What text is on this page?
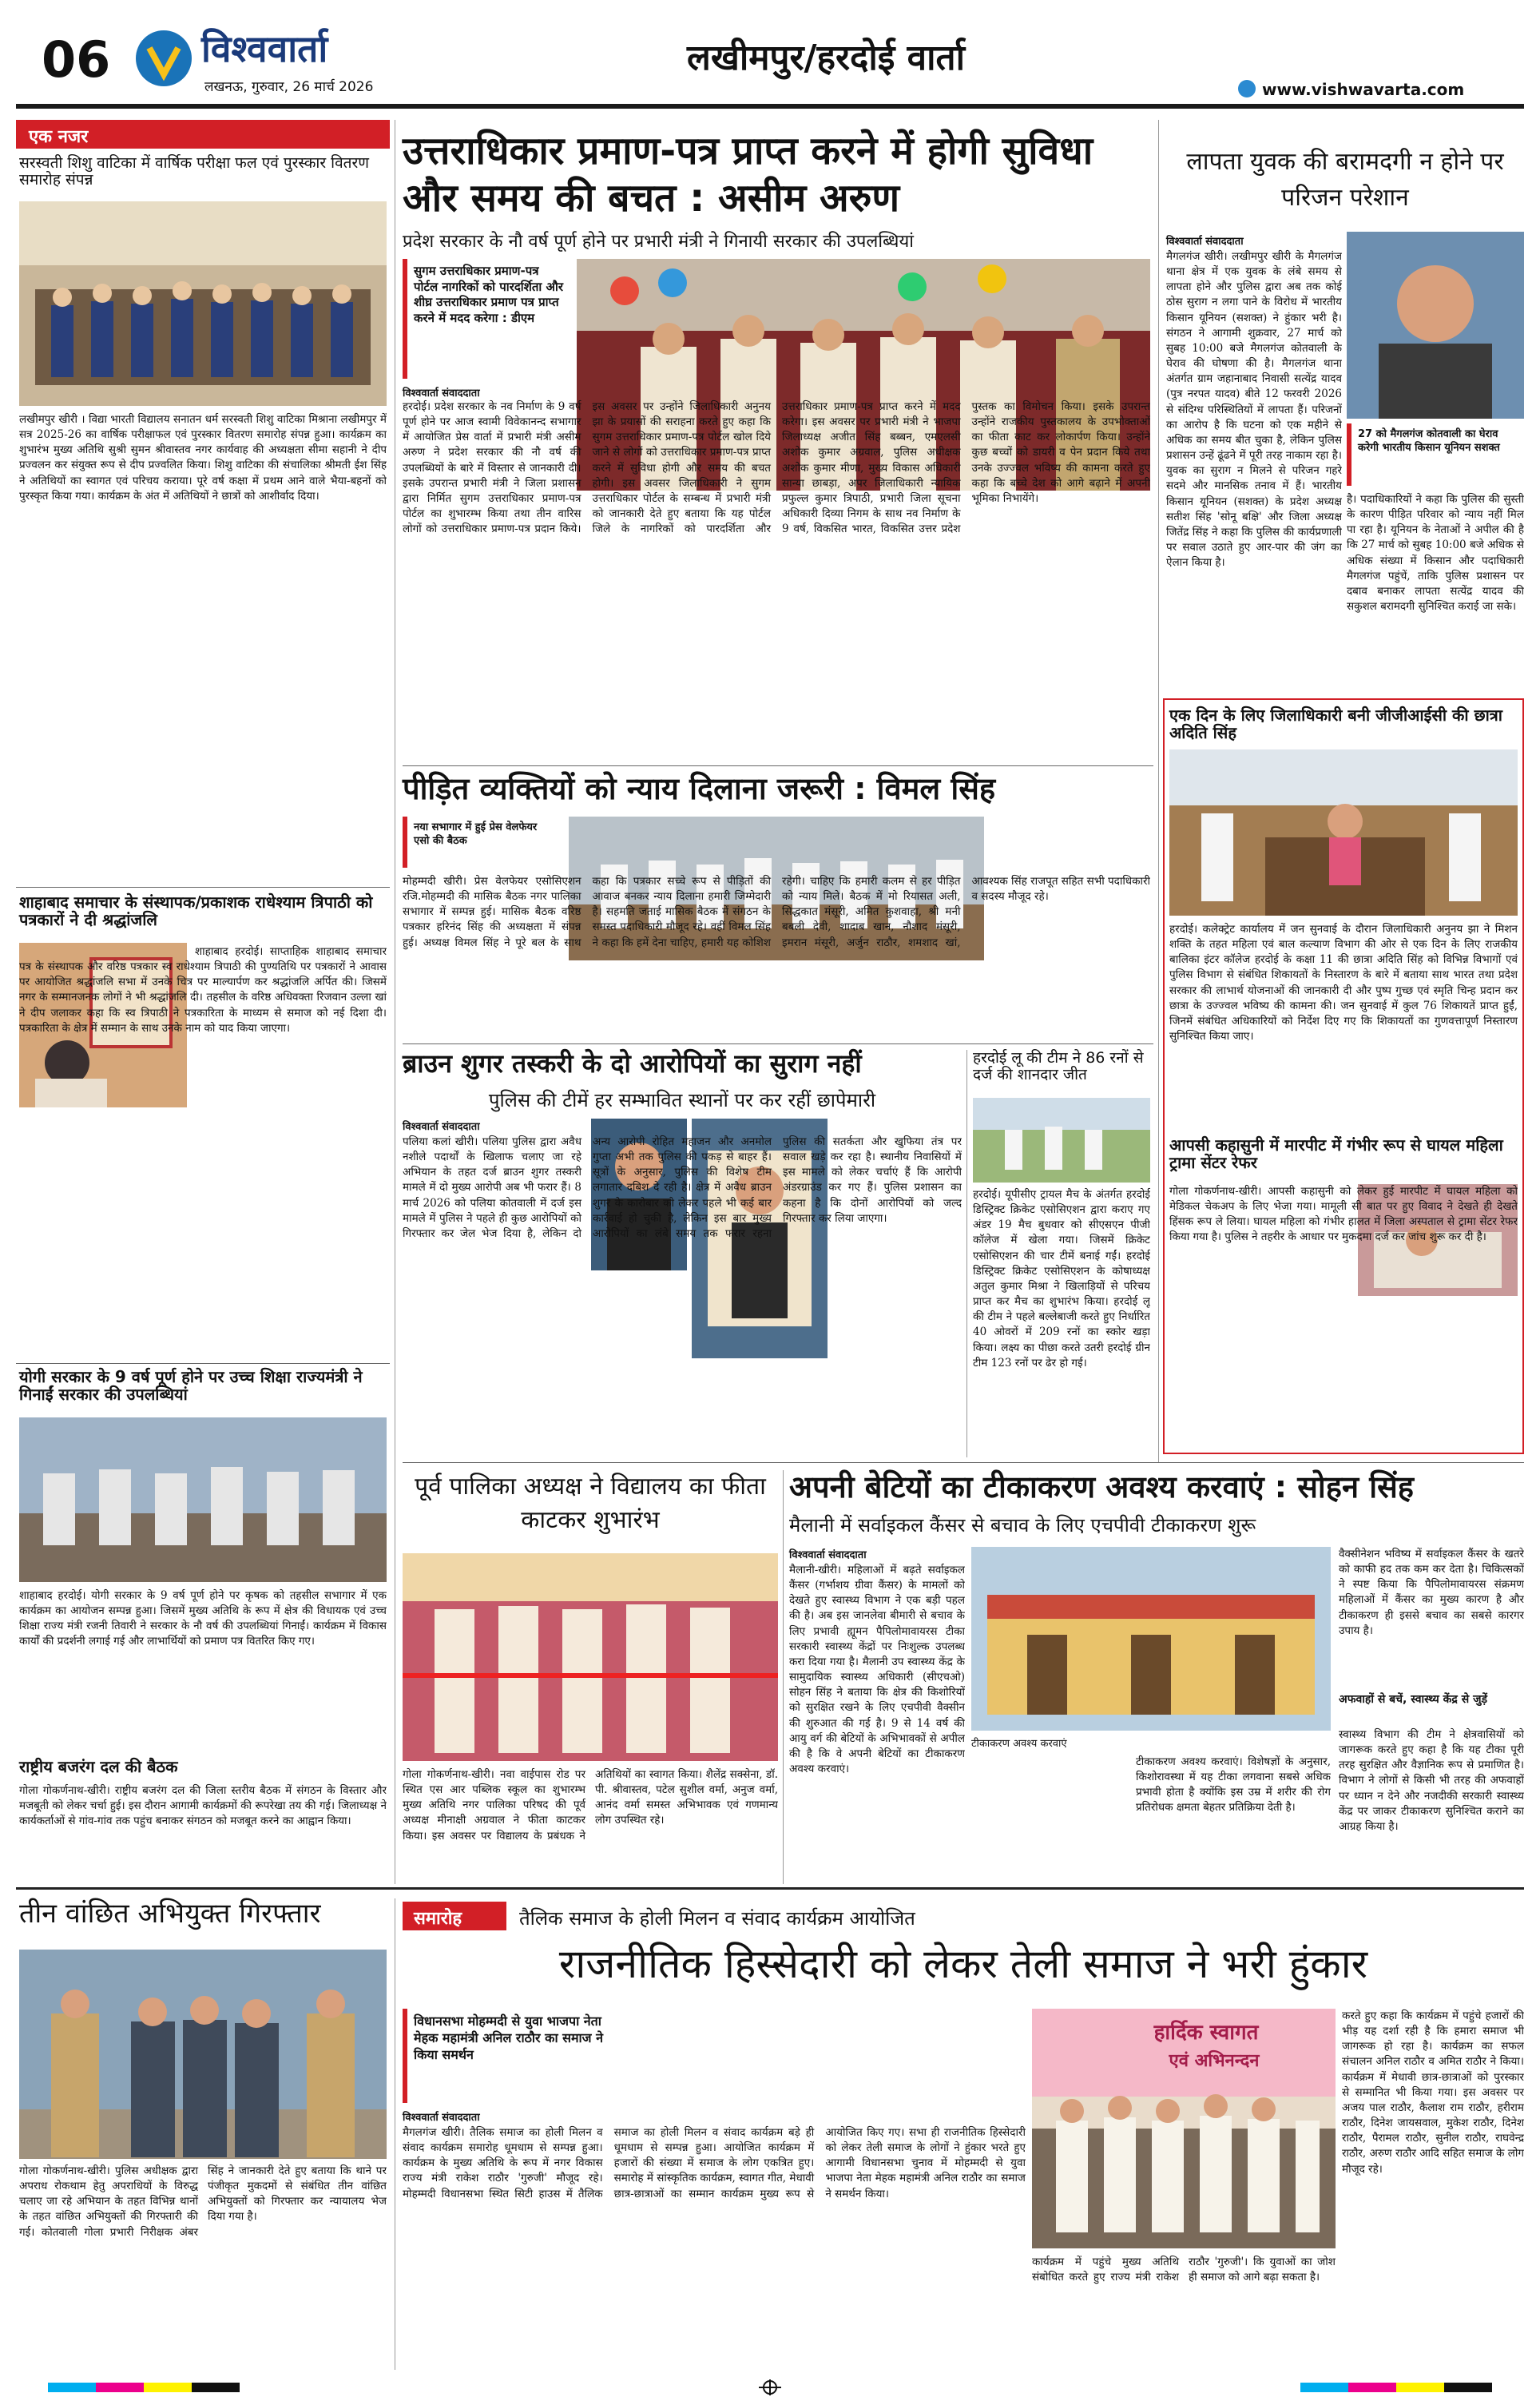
06 विश्ववार्ता
लखनऊ, गुरुवार, 26 मार्च 2026
लखीमपुर/हरदोई वार्ता
www.vishwavarta.com
एक नजर
सरस्वती शिशु वाटिका में वार्षिक परीक्षा फल एवं पुरस्कार वितरण समारोह संपन्न
लखीमपुर खीरी । विद्या भारती विद्यालय सनातन धर्म सरस्वती शिशु वाटिका मिश्राना लखीमपुर में सत्र 2025-26 का वार्षिक परीक्षाफल एवं पुरस्कार वितरण समारोह संपन्न हुआ। कार्यक्रम का शुभारंभ मुख्य अतिथि सुश्री सुमन श्रीवास्तव नगर कार्यवाह की अध्यक्षता सीमा सहानी ने दीप प्रज्वलन कर संयुक्त रूप से दीप प्रज्वलित किया। शिशु वाटिका की संचालिका श्रीमती ईश सिंह ने अतिथियों का स्वागत एवं परिचय कराया। पूरे वर्ष कक्षा में प्रथम आने वाले भैया-बहनों को पुरस्कृत किया गया। कार्यक्रम के अंत में अतिथियों ने छात्रों को आशीर्वाद दिया।
शाहाबाद समाचार के संस्थापक/प्रकाशक राधेश्याम त्रिपाठी को पत्रकारों ने दी श्रद्धांजलि
शाहाबाद हरदोई। साप्ताहिक शाहाबाद समाचार पत्र के संस्थापक और वरिष्ठ पत्रकार स्व राधेश्याम त्रिपाठी की पुण्यतिथि पर पत्रकारों ने आवास पर आयोजित श्रद्धांजलि सभा में उनके चित्र पर माल्यार्पण कर श्रद्धांजलि अर्पित की। जिसमें नगर के सम्मानजनक लोगों ने भी श्रद्धांजलि दी। तहसील के वरिष्ठ अधिवक्ता रिजवान उल्ला खां ने दीप जलाकर कहा कि स्व त्रिपाठी ने पत्रकारिता के माध्यम से समाज को नई दिशा दी। पत्रकारिता के क्षेत्र में सम्मान के साथ उनके नाम को याद किया जाएगा।
योगी सरकार के 9 वर्ष पूर्ण होने पर उच्च शिक्षा राज्यमंत्री ने गिनाईं सरकार की उपलब्धियां
शाहाबाद हरदोई। योगी सरकार के 9 वर्ष पूर्ण होने पर कृषक को तहसील सभागार में एक कार्यक्रम का आयोजन सम्पन्न हुआ। जिसमें मुख्य अतिथि के रूप में क्षेत्र की विधायक एवं उच्च शिक्षा राज्य मंत्री रजनी तिवारी ने सरकार के नौ वर्ष की उपलब्धियां गिनाईं। कार्यक्रम में विकास कार्यों की प्रदर्शनी लगाई गई और लाभार्थियों को प्रमाण पत्र वितरित किए गए।
राष्ट्रीय बजरंग दल की बैठक
गोला गोकर्णनाथ-खीरी। राष्ट्रीय बजरंग दल की जिला स्तरीय बैठक में संगठन के विस्तार और मजबूती को लेकर चर्चा हुई। इस दौरान आगामी कार्यक्रमों की रूपरेखा तय की गई। जिलाध्यक्ष ने कार्यकर्ताओं से गांव-गांव तक पहुंच बनाकर संगठन को मजबूत करने का आह्वान किया।
उत्तराधिकार प्रमाण-पत्र प्राप्त करने में होगी सुविधा और समय की बचत : असीम अरुण
प्रदेश सरकार के नौ वर्ष पूर्ण होने पर प्रभारी मंत्री ने गिनायी सरकार की उपलब्धियां
सुगम उत्तराधिकार प्रमाण-पत्र पोर्टल नागरिकों को पारदर्शिता और शीघ्र उत्तराधिकार प्रमाण पत्र प्राप्त करने में मदद करेगा : डीएम
विश्ववार्ता संवाददाता
हरदोई। प्रदेश सरकार के नव निर्माण के 9 वर्ष पूर्ण होने पर आज स्वामी विवेकानन्द सभागार में आयोजित प्रेस वार्ता में प्रभारी मंत्री असीम अरुण ने प्रदेश सरकार की नौ वर्ष की उपलब्धियों के बारे में विस्तार से जानकारी दी। इसके उपरान्त प्रभारी मंत्री ने जिला प्रशासन द्वारा निर्मित सुगम उत्तराधिकार प्रमाण-पत्र पोर्टल का शुभारम्भ किया तथा तीन वारिस लोगों को उत्तराधिकार प्रमाण-पत्र प्रदान किये। इस अवसर पर उन्होंने जिलाधिकारी अनुनय झा के प्रयासों की सराहना करते हुए कहा कि सुगम उत्तराधिकार प्रमाण-पत्र पोर्टल खोल दिये जाने से लोगों को उत्तराधिकार प्रमाण-पत्र प्राप्त करने में सुविधा होगी और समय की बचत होगी। इस अवसर जिलाधिकारी ने सुगम उत्तराधिकार पोर्टल के सम्बन्ध में प्रभारी मंत्री को जानकारी देते हुए बताया कि यह पोर्टल जिले के नागरिकों को पारदर्शिता और उत्तराधिकार प्रमाण-पत्र प्राप्त करने में मदद करेगा। इस अवसर पर प्रभारी मंत्री ने भाजपा जिलाध्यक्ष अजीत सिंह बब्बन, एमएलसी अशोक कुमार अग्रवाल, पुलिस अधीक्षक अशोक कुमार मीणा, मुख्य विकास अधिकारी सान्या छाबड़ा, अपर जिलाधिकारी न्यायिक प्रफुल्ल कुमार त्रिपाठी, प्रभारी जिला सूचना अधिकारी दिव्या निगम के साथ नव निर्माण के 9 वर्ष, विकसित भारत, विकसित उत्तर प्रदेश पुस्तक का विमोचन किया। इसके उपरान्त उन्होंने राजकीय पुस्तकालय के उपभोक्ताओं का फीता काट कर लोकार्पण किया। उन्होंने कुछ बच्चों को डायरी व पेन प्रदान किये तथा उनके उज्ज्वल भविष्य की कामना करते हुए कहा कि बच्चे देश को आगे बढ़ाने में अपनी भूमिका निभायेंगे।
पीड़ित व्यक्तियों को न्याय दिलाना जरूरी : विमल सिंह
नया सभागार में हुई प्रेस वेलफेयर एसो की बैठक
मोहम्मदी खीरी। प्रेस वेलफेयर एसोसिएशन रजि.मोहम्मदी की मासिक बैठक नगर पालिका सभागार में सम्पन्न हुई। मासिक बैठक वरिष्ठ पत्रकार हरिनंद सिंह की अध्यक्षता में संपन्न हुई। अध्यक्ष विमल सिंह ने पूरे बल के साथ कहा कि पत्रकार सच्चे रूप से पीड़ितों की आवाज बनकर न्याय दिलाना हमारी जिम्मेदारी है। सहमति जताई मासिक बैठक में संगठन के समस्त पदाधिकारी मौजूद रहे। वहीं विमल सिंह ने कहा कि हमें देना चाहिए, हमारी यह कोशिश रहेगी। चाहिए कि हमारी कलम से हर पीड़ित को न्याय मिले। बैठक में मो रियासत अली, सिद्धकात मंसूरी, अमित कुशवाहा, श्री मनी बबली देवी, शादाब खान, नौशाद मंसूरी, इमरान मंसूरी, अर्जुन राठौर, शमशाद खां, आवश्यक सिंह राजपूत सहित सभी पदाधिकारी व सदस्य मौजूद रहे।
ब्राउन शुगर तस्करी के दो आरोपियों का सुराग नहीं
पुलिस की टीमें हर सम्भावित स्थानों पर कर रहीं छापेमारी
विश्ववार्ता संवाददाता
पलिया कलां खीरी। पलिया पुलिस द्वारा अवैध नशीले पदार्थों के खिलाफ चलाए जा रहे अभियान के तहत दर्ज ब्राउन शुगर तस्करी मामले में दो मुख्य आरोपी अब भी फरार हैं। 8 मार्च 2026 को पलिया कोतवाली में दर्ज इस मामले में पुलिस ने पहले ही कुछ आरोपियों को गिरफ्तार कर जेल भेज दिया है, लेकिन दो अन्य आरोपी रोहित महाजन और अनमोल गुप्ता अभी तक पुलिस की पकड़ से बाहर हैं। सूत्रों के अनुसार, पुलिस की विशेष टीम लगातार दबिश दे रही है। क्षेत्र में अवैध ब्राउन शुगर के कारोबार को लेकर पहले भी कई बार कार्रवाई हो चुकी है, लेकिन इस बार मुख्य आरोपियों का लंबे समय तक फरार रहना पुलिस की सतर्कता और खुफिया तंत्र पर सवाल खड़े कर रहा है। स्थानीय निवासियों में इस मामले को लेकर चर्चाएं हैं कि आरोपी अंडरग्राउंड कर गए हैं। पुलिस प्रशासन का कहना है कि दोनों आरोपियों को जल्द गिरफ्तार कर लिया जाएगा।
हरदोई लू की टीम ने 86 रनों से दर्ज की शानदार जीत
हरदोई। यूपीसीए ट्रायल मैच के अंतर्गत हरदोई डिस्ट्रिक्ट क्रिकेट एसोसिएशन द्वारा कराए गए अंडर 19 मैच बुधवार को सीएसएन पीजी कॉलेज में खेला गया। जिसमें क्रिकेट एसोसिएशन की चार टीमें बनाई गईं। हरदोई डिस्ट्रिक्ट क्रिकेट एसोसिएशन के कोषाध्यक्ष अतुल कुमार मिश्रा ने खिलाड़ियों से परिचय प्राप्त कर मैच का शुभारंभ किया। हरदोई लू की टीम ने पहले बल्लेबाजी करते हुए निर्धारित 40 ओवरों में 209 रनों का स्कोर खड़ा किया। लक्ष्य का पीछा करते उतरी हरदोई ग्रीन टीम 123 रनों पर ढेर हो गई।
लापता युवक की बरामदगी न होने पर परिजन परेशान
विश्ववार्ता संवाददाता
27 को मैगलगंज कोतवाली का घेराव करेगी भारतीय किसान यूनियन सशक्त
मैगलगंज खीरी। लखीमपुर खीरी के मैगलगंज थाना क्षेत्र में एक युवक के लंबे समय से लापता होने और पुलिस द्वारा अब तक कोई ठोस सुराग न लगा पाने के विरोध में भारतीय किसान यूनियन (सशक्त) ने हुंकार भरी है। संगठन ने आगामी शुक्रवार, 27 मार्च को सुबह 10:00 बजे मैगलगंज कोतवाली के घेराव की घोषणा की है। मैगलगंज थाना अंतर्गत ग्राम जहानाबाद निवासी सत्येंद्र यादव (पुत्र नरपत यादव) बीते 12 फरवरी 2026 से संदिग्ध परिस्थितियों में लापता हैं। परिजनों का आरोप है कि घटना को एक महीने से अधिक का समय बीत चुका है, लेकिन पुलिस प्रशासन उन्हें ढूंढने में पूरी तरह नाकाम रहा है। युवक का सुराग न मिलने से परिजन गहरे सदमे और मानसिक तनाव में हैं। भारतीय किसान यूनियन (सशक्त) के प्रदेश अध्यक्ष सतीश सिंह 'सोनू बक्षि' और जिला अध्यक्ष जितेंद्र सिंह ने कहा कि पुलिस की कार्यप्रणाली पर सवाल उठाते हुए आर-पार की जंग का ऐलान किया है।
है। पदाधिकारियों ने कहा कि पुलिस की सुस्ती के कारण पीड़ित परिवार को न्याय नहीं मिल पा रहा है। यूनियन के नेताओं ने अपील की है कि 27 मार्च को सुबह 10:00 बजे अधिक से अधिक संख्या में किसान और पदाधिकारी मैगलगंज पहुंचें, ताकि पुलिस प्रशासन पर दबाव बनाकर लापता सत्येंद्र यादव की सकुशल बरामदगी सुनिश्चित कराई जा सके।
एक दिन के लिए जिलाधिकारी बनी जीजीआईसी की छात्रा अदिति सिंह
हरदोई। कलेक्ट्रेट कार्यालय में जन सुनवाई के दौरान जिलाधिकारी अनुनय झा ने मिशन शक्ति के तहत महिला एवं बाल कल्याण विभाग की ओर से एक दिन के लिए राजकीय बालिका इंटर कॉलेज हरदोई के कक्षा 11 की छात्रा अदिति सिंह को विभिन्न विभागों एवं पुलिस विभाग से संबंधित शिकायतों के निस्तारण के बारे में बताया साथ भारत तथा प्रदेश सरकार की लाभार्थ योजनाओं की जानकारी दी और पुष्प गुच्छ एवं स्मृति चिन्ह प्रदान कर छात्रा के उज्ज्वल भविष्य की कामना की। जन सुनवाई में कुल 76 शिकायतें प्राप्त हुईं, जिनमें संबंधित अधिकारियों को निर्देश दिए गए कि शिकायतों का गुणवत्तापूर्ण निस्तारण सुनिश्चित किया जाए।
आपसी कहासुनी में मारपीट में गंभीर रूप से घायल महिला ट्रामा सेंटर रेफर
गोला गोकर्णनाथ-खीरी। आपसी कहासुनी को लेकर हुई मारपीट में घायल महिला को मेडिकल चेकअप के लिए भेजा गया। मामूली सी बात पर हुए विवाद ने देखते ही देखते हिंसक रूप ले लिया। घायल महिला को गंभीर हालत में जिला अस्पताल से ट्रामा सेंटर रेफर किया गया है। पुलिस ने तहरीर के आधार पर मुकदमा दर्ज कर जांच शुरू कर दी है।
पूर्व पालिका अध्यक्ष ने विद्यालय का फीता काटकर शुभारंभ
गोला गोकर्णनाथ-खीरी। नवा वाईपास रोड पर स्थित एस आर पब्लिक स्कूल का शुभारम्भ मुख्य अतिथि नगर पालिका परिषद की पूर्व अध्यक्ष मीनाक्षी अग्रवाल ने फीता काटकर किया। इस अवसर पर विद्यालय के प्रबंधक ने अतिथियों का स्वागत किया। शैलेंद्र सक्सेना, डॉ. पी. श्रीवास्तव, पटेल सुशील वर्मा, अनुज वर्मा, आनंद वर्मा समस्त अभिभावक एवं गणमान्य लोग उपस्थित रहे।
अपनी बेटियों का टीकाकरण अवश्य करवाएं : सोहन सिंह
मैलानी में सर्वाइकल कैंसर से बचाव के लिए एचपीवी टीकाकरण शुरू
विश्ववार्ता संवाददाता
मैलानी-खीरी। महिलाओं में बढ़ते सर्वाइकल कैंसर (गर्भाशय ग्रीवा कैंसर) के मामलों को देखते हुए स्वास्थ्य विभाग ने एक बड़ी पहल की है। अब इस जानलेवा बीमारी से बचाव के लिए प्रभावी ह्यूमन पैपिलोमावायरस टीका सरकारी स्वास्थ्य केंद्रों पर निःशुल्क उपलब्ध करा दिया गया है। मैलानी उप स्वास्थ्य केंद्र के सामुदायिक स्वास्थ्य अधिकारी (सीएचओ) सोहन सिंह ने बताया कि क्षेत्र की किशोरियों को सुरक्षित रखने के लिए एचपीवी वैक्सीन की शुरुआत की गई है। 9 से 14 वर्ष की आयु वर्ग की बेटियों के अभिभावकों से अपील की है कि वे अपनी बेटियों का टीकाकरण अवश्य करवाएं।
टीकाकरण अवश्य करवाएं
वैक्सीनेशन भविष्य में सर्वाइकल कैंसर के खतरे को काफी हद तक कम कर देता है। चिकित्सकों ने स्पष्ट किया कि पैपिलोमावायरस संक्रमण महिलाओं में कैंसर का मुख्य कारण है और टीकाकरण ही इससे बचाव का सबसे कारगर उपाय है।
अफवाहों से बचें, स्वास्थ्य केंद्र से जुड़ें
स्वास्थ्य विभाग की टीम ने क्षेत्रवासियों को जागरूक करते हुए कहा है कि यह टीका पूरी तरह सुरक्षित और वैज्ञानिक रूप से प्रमाणित है। विभाग ने लोगों से किसी भी तरह की अफवाहों पर ध्यान न देने और नजदीकी सरकारी स्वास्थ्य केंद्र पर जाकर टीकाकरण सुनिश्चित कराने का आग्रह किया है।
टीकाकरण अवश्य करवाएं। विशेषज्ञों के अनुसार, किशोरावस्था में यह टीका लगवाना सबसे अधिक प्रभावी होता है क्योंकि इस उम्र में शरीर की रोग प्रतिरोधक क्षमता बेहतर प्रतिक्रिया देती है।
तीन वांछित अभियुक्त गिरफ्तार
गोला गोकर्णनाथ-खीरी। पुलिस अधीक्षक द्वारा अपराध रोकथाम हेतु अपराधियों के विरुद्ध चलाए जा रहे अभियान के तहत विभिन्न थानों के तहत वांछित अभियुक्तों की गिरफ्तारी की गई। कोतवाली गोला प्रभारी निरीक्षक अंबर सिंह ने जानकारी देते हुए बताया कि थाने पर पंजीकृत मुकदमों से संबंधित तीन वांछित अभियुक्तों को गिरफ्तार कर न्यायालय भेज दिया गया है।
समारोह	तैलिक समाज के होली मिलन व संवाद कार्यक्रम आयोजित
राजनीतिक हिस्सेदारी को लेकर तेली समाज ने भरी हुंकार
विधानसभा मोहम्मदी से युवा भाजपा नेता मेहक महामंत्री अनिल राठौर का समाज ने किया समर्थन
विश्ववार्ता संवाददाता
मैगलगंज खीरी। तैलिक समाज का होली मिलन व संवाद कार्यक्रम समारोह धूमधाम से सम्पन्न हुआ। कार्यक्रम के मुख्य अतिथि के रूप में नगर विकास राज्य मंत्री राकेश राठौर 'गुरुजी' मौजूद रहे। मोहम्मदी विधानसभा स्थित सिटी हाउस में तैलिक समाज का होली मिलन व संवाद कार्यक्रम बड़े ही धूमधाम से सम्पन्न हुआ। आयोजित कार्यक्रम में हजारों की संख्या में समाज के लोग एकत्रित हुए। समारोह में सांस्कृतिक कार्यक्रम, स्वागत गीत, मेधावी छात्र-छात्राओं का सम्मान कार्यक्रम मुख्य रूप से आयोजित किए गए। सभा ही राजनीतिक हिस्सेदारी को लेकर तेली समाज के लोगों ने हुंकार भरते हुए आगामी विधानसभा चुनाव में मोहम्मदी से युवा भाजपा नेता मेहक महामंत्री अनिल राठौर का समाज ने समर्थन किया।
हार्दिक स्वागत
एवं अभिनन्दन
कार्यक्रम में पहुंचे मुख्य अतिथि संबोधित करते हुए राज्य मंत्री राकेश राठौर 'गुरुजी'। कि युवाओं का जोश ही समाज को आगे बढ़ा सकता है।
करते हुए कहा कि कार्यक्रम में पहुंचे हजारों की भीड़ यह दर्शा रही है कि हमारा समाज भी जागरूक हो रहा है। कार्यक्रम का सफल संचालन अनिल राठौर व अमित राठौर ने किया। कार्यक्रम में मेधावी छात्र-छात्राओं को पुरस्कार से सम्मानित भी किया गया। इस अवसर पर अजय पाल राठौर, कैलाश राम राठौर, हरीराम राठौर, दिनेश जायसवाल, मुकेश राठौर, दिनेश राठौर, पैरामल राठौर, सुनील राठौर, राघवेन्द्र राठौर, अरुण राठौर आदि सहित समाज के लोग मौजूद रहे।
